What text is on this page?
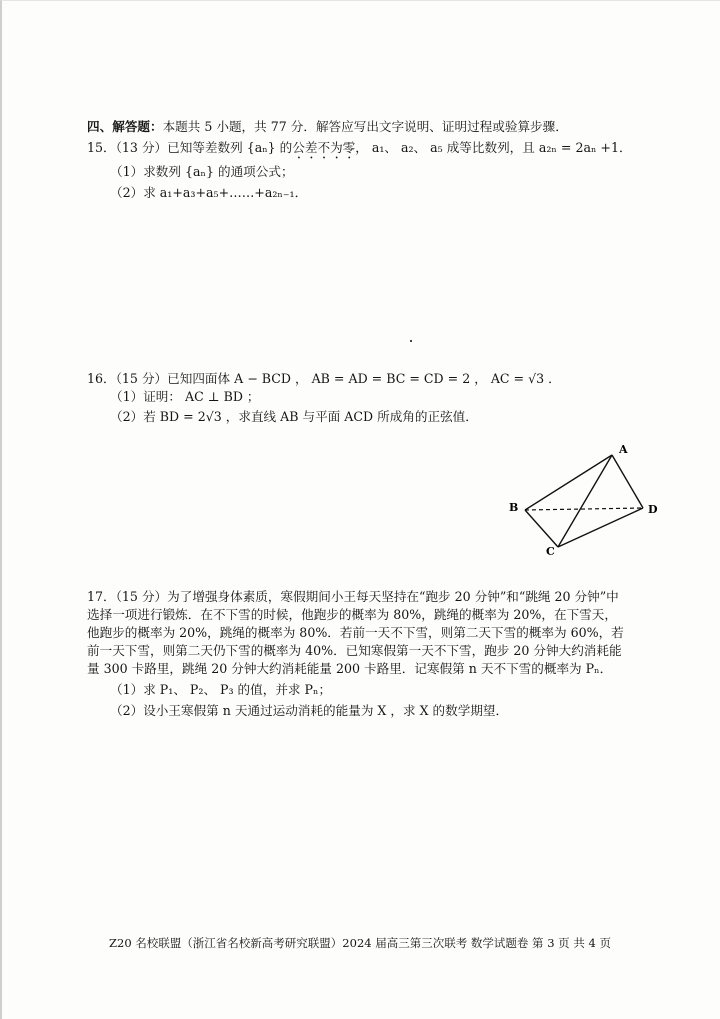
四、解答题：本题共 5 小题，共 77 分．解答应写出文字说明、证明过程或验算步骤．
15．（13 分）已知等差数列 {aₙ} 的公差不为零， a₁、 a₂、 a₅ 成等比数列，且 a₂ₙ = 2aₙ +1．
（1）求数列 {aₙ} 的通项公式；
（2）求 a₁+a₃+a₅+……+a₂ₙ₋₁．
16．（15 分）已知四面体 A − BCD ， AB = AD = BC = CD = 2 ， AC = √3 ．
（1）证明： AC ⊥ BD ；
（2）若 BD = 2√3 ，求直线 AB 与平面 ACD 所成角的正弦值．
A
B
C
D
17．（15 分）为了增强身体素质，寒假期间小王每天坚持在“跑步 20 分钟”和“跳绳 20 分钟”中
选择一项进行锻炼．在不下雪的时候，他跑步的概率为 80%，跳绳的概率为 20%，在下雪天，
他跑步的概率为 20%，跳绳的概率为 80%．若前一天不下雪，则第二天下雪的概率为 60%，若
前一天下雪，则第二天仍下雪的概率为 40%．已知寒假第一天不下雪，跑步 20 分钟大约消耗能
量 300 卡路里，跳绳 20 分钟大约消耗能量 200 卡路里．记寒假第 n 天不下雪的概率为 Pₙ．
（1）求 P₁、 P₂、 P₃ 的值，并求 Pₙ；
（2）设小王寒假第 n 天通过运动消耗的能量为 X ，求 X 的数学期望．
Z20 名校联盟（浙江省名校新高考研究联盟）2024 届高三第三次联考 数学试题卷 第 3 页 共 4 页
